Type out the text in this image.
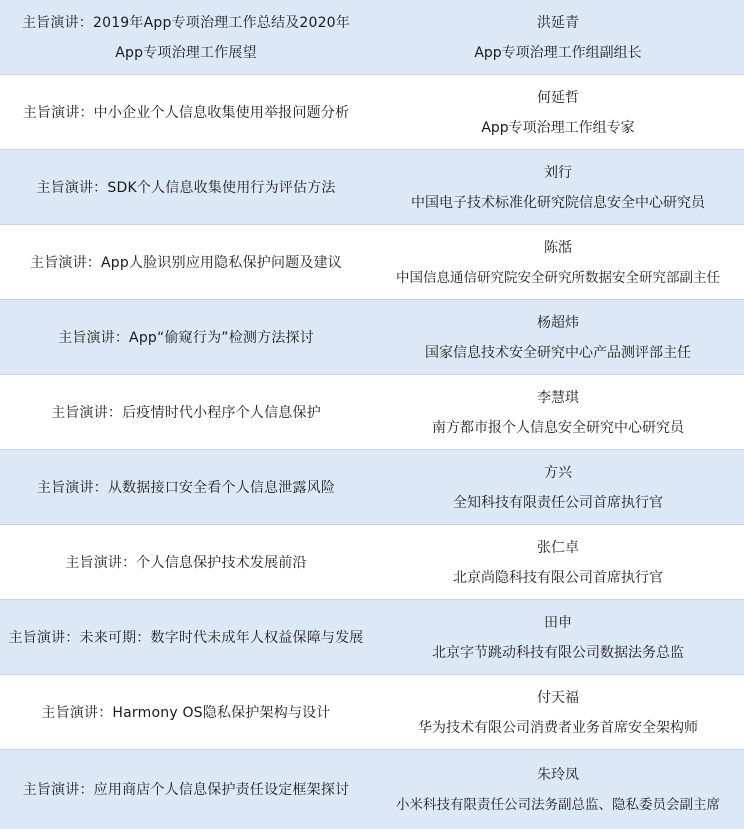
主旨演讲：2019年App专项治理工作总结及2020年App专项治理工作展望
洪延青
App专项治理工作组副组长
主旨演讲：中小企业个人信息收集使用举报问题分析
何延哲
App专项治理工作组专家
主旨演讲：SDK个人信息收集使用行为评估方法
刘行
中国电子技术标准化研究院信息安全中心研究员
主旨演讲：App人脸识别应用隐私保护问题及建议
陈湉
中国信息通信研究院安全研究所数据安全研究部副主任
主旨演讲：App“偷窥行为”检测方法探讨
杨超炜
国家信息技术安全研究中心产品测评部主任
主旨演讲：后疫情时代小程序个人信息保护
李慧琪
南方都市报个人信息安全研究中心研究员
主旨演讲：从数据接口安全看个人信息泄露风险
方兴
全知科技有限责任公司首席执行官
主旨演讲：个人信息保护技术发展前沿
张仁卓
北京尚隐科技有限公司首席执行官
主旨演讲：未来可期：数字时代未成年人权益保障与发展
田申
北京字节跳动科技有限公司数据法务总监
主旨演讲：Harmony OS隐私保护架构与设计
付天福
华为技术有限公司消费者业务首席安全架构师
主旨演讲：应用商店个人信息保护责任设定框架探讨
朱玲凤
小米科技有限责任公司法务副总监、隐私委员会副主席
